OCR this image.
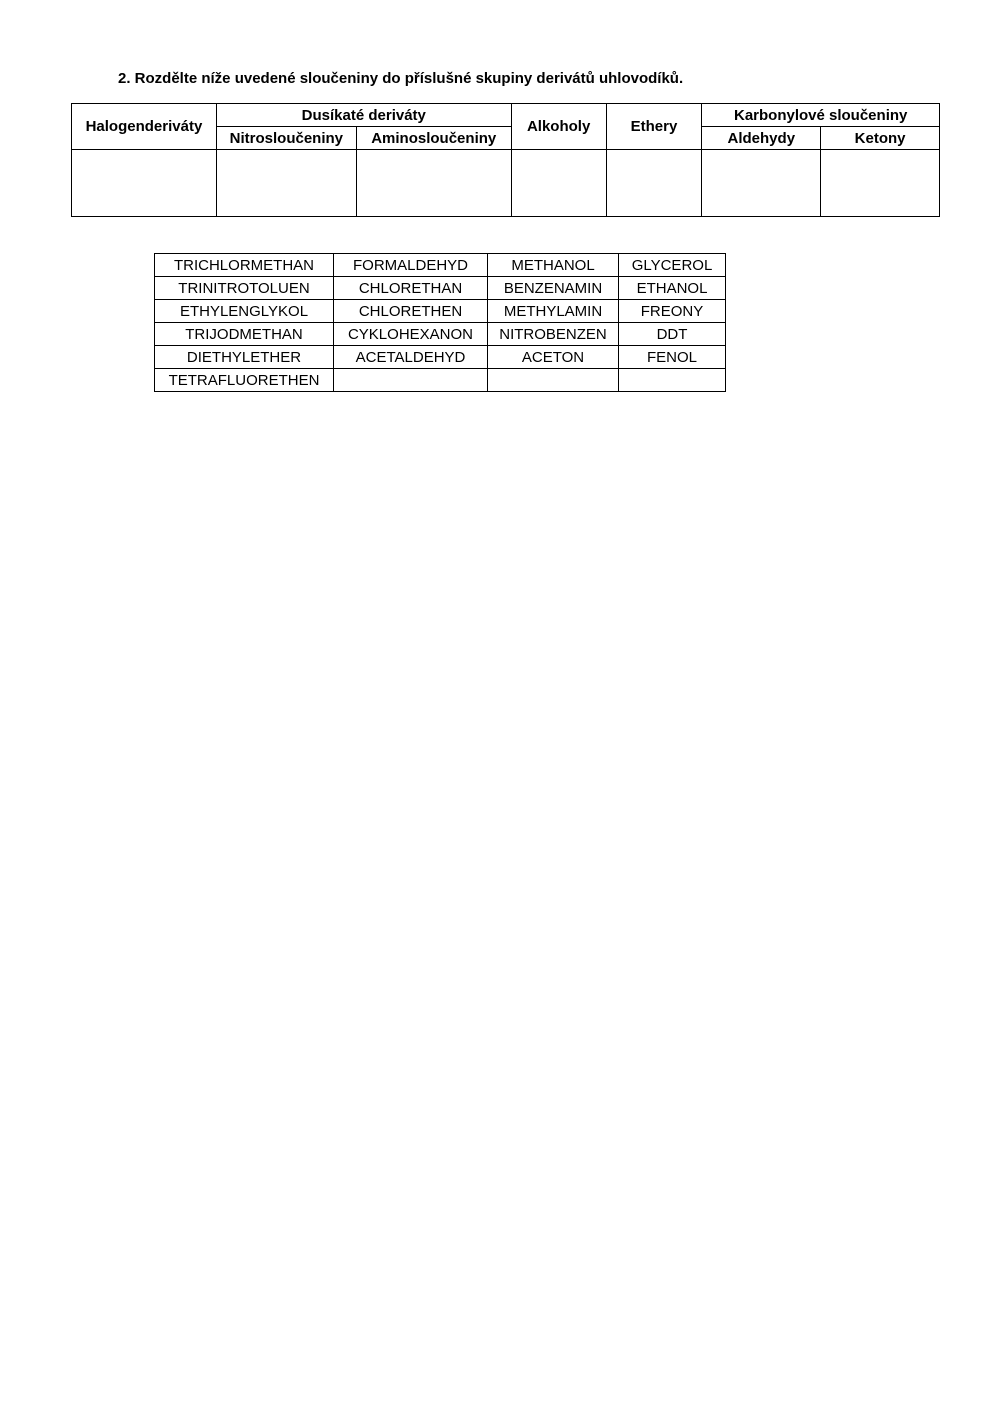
2. Rozdělte níže uvedené sloučeniny do příslušné skupiny derivátů uhlovodíků.
Halogenderiváty	Dusíkaté deriváty		Alkoholy	Ethery	Karbonylové sloučeniny	
	Nitrosloučeniny	Aminosloučeniny			Aldehydy	Ketony

TRICHLORMETHAN	FORMALDEHYD	METHANOL	GLYCEROL
TRINITROTOLUEN	CHLORETHAN	BENZENAMIN	ETHANOL
ETHYLENGLYKOL	CHLORETHEN	METHYLAMIN	FREONY
TRIJODMETHAN	CYKLOHEXANON	NITROBENZEN	DDT
DIETHYLETHER	ACETALDEHYD	ACETON	FENOL
TETRAFLUORETHEN			
